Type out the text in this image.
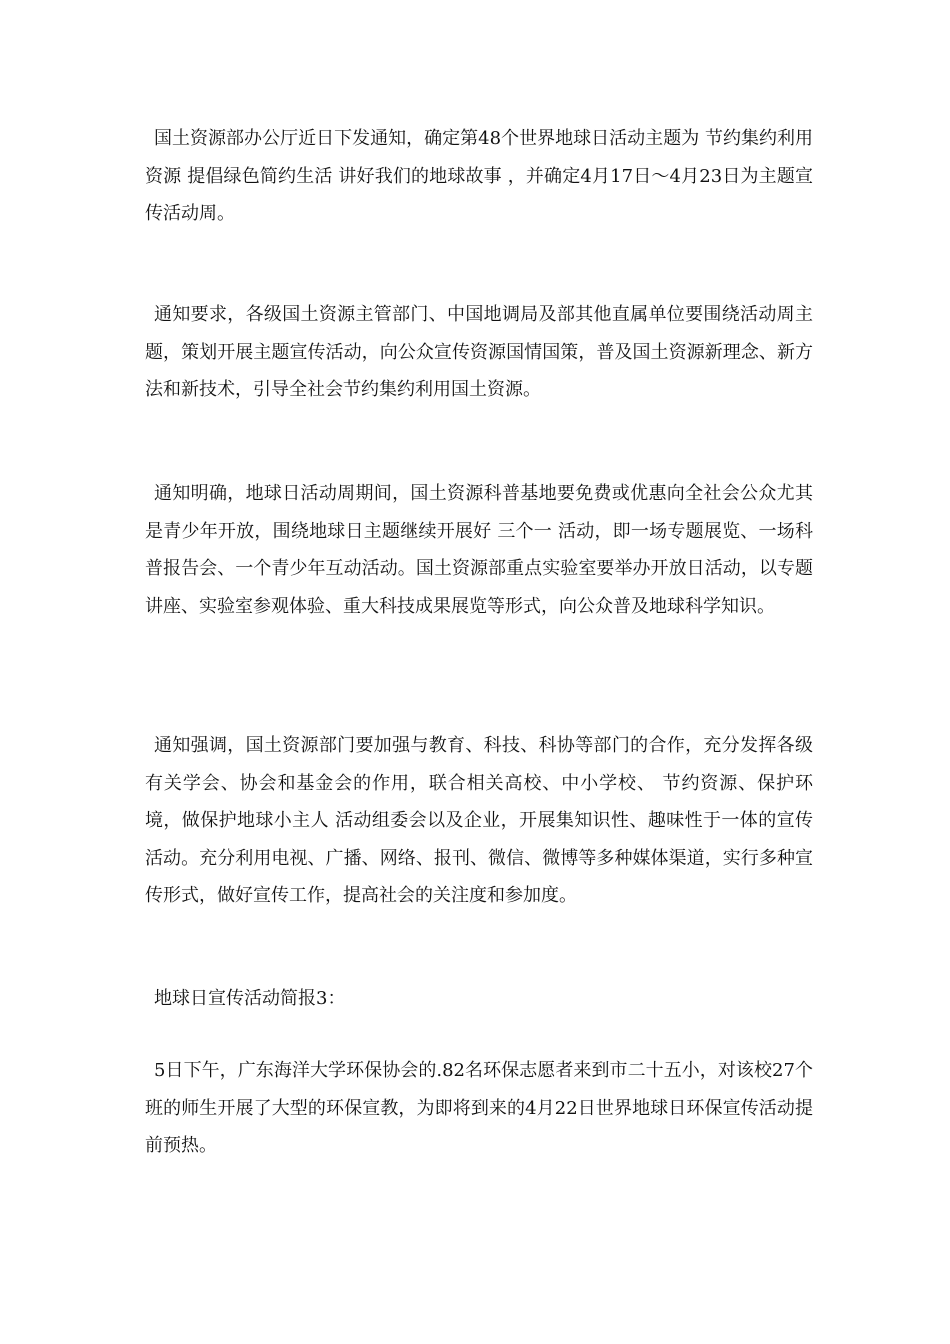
国土资源部办公厅近日下发通知，确定第48个世界地球日活动主题为 节约集约利用资源 提倡绿色简约生活 讲好我们的地球故事 ，并确定4月17日～4月23日为主题宣传活动周。

通知要求，各级国土资源主管部门、中国地调局及部其他直属单位要围绕活动周主题，策划开展主题宣传活动，向公众宣传资源国情国策，普及国土资源新理念、新方法和新技术，引导全社会节约集约利用国土资源。

通知明确，地球日活动周期间，国土资源科普基地要免费或优惠向全社会公众尤其是青少年开放，围绕地球日主题继续开展好 三个一 活动，即一场专题展览、一场科普报告会、一个青少年互动活动。国土资源部重点实验室要举办开放日活动，以专题讲座、实验室参观体验、重大科技成果展览等形式，向公众普及地球科学知识。

通知强调，国土资源部门要加强与教育、科技、科协等部门的合作，充分发挥各级有关学会、协会和基金会的作用，联合相关高校、中小学校、 节约资源、保护环境，做保护地球小主人 活动组委会以及企业，开展集知识性、趣味性于一体的宣传活动。充分利用电视、广播、网络、报刊、微信、微博等多种媒体渠道，实行多种宣传形式，做好宣传工作，提高社会的关注度和参加度。

地球日宣传活动简报3：

5日下午，广东海洋大学环保协会的.82名环保志愿者来到市二十五小，对该校27个班的师生开展了大型的环保宣教，为即将到来的4月22日世界地球日环保宣传活动提前预热。
